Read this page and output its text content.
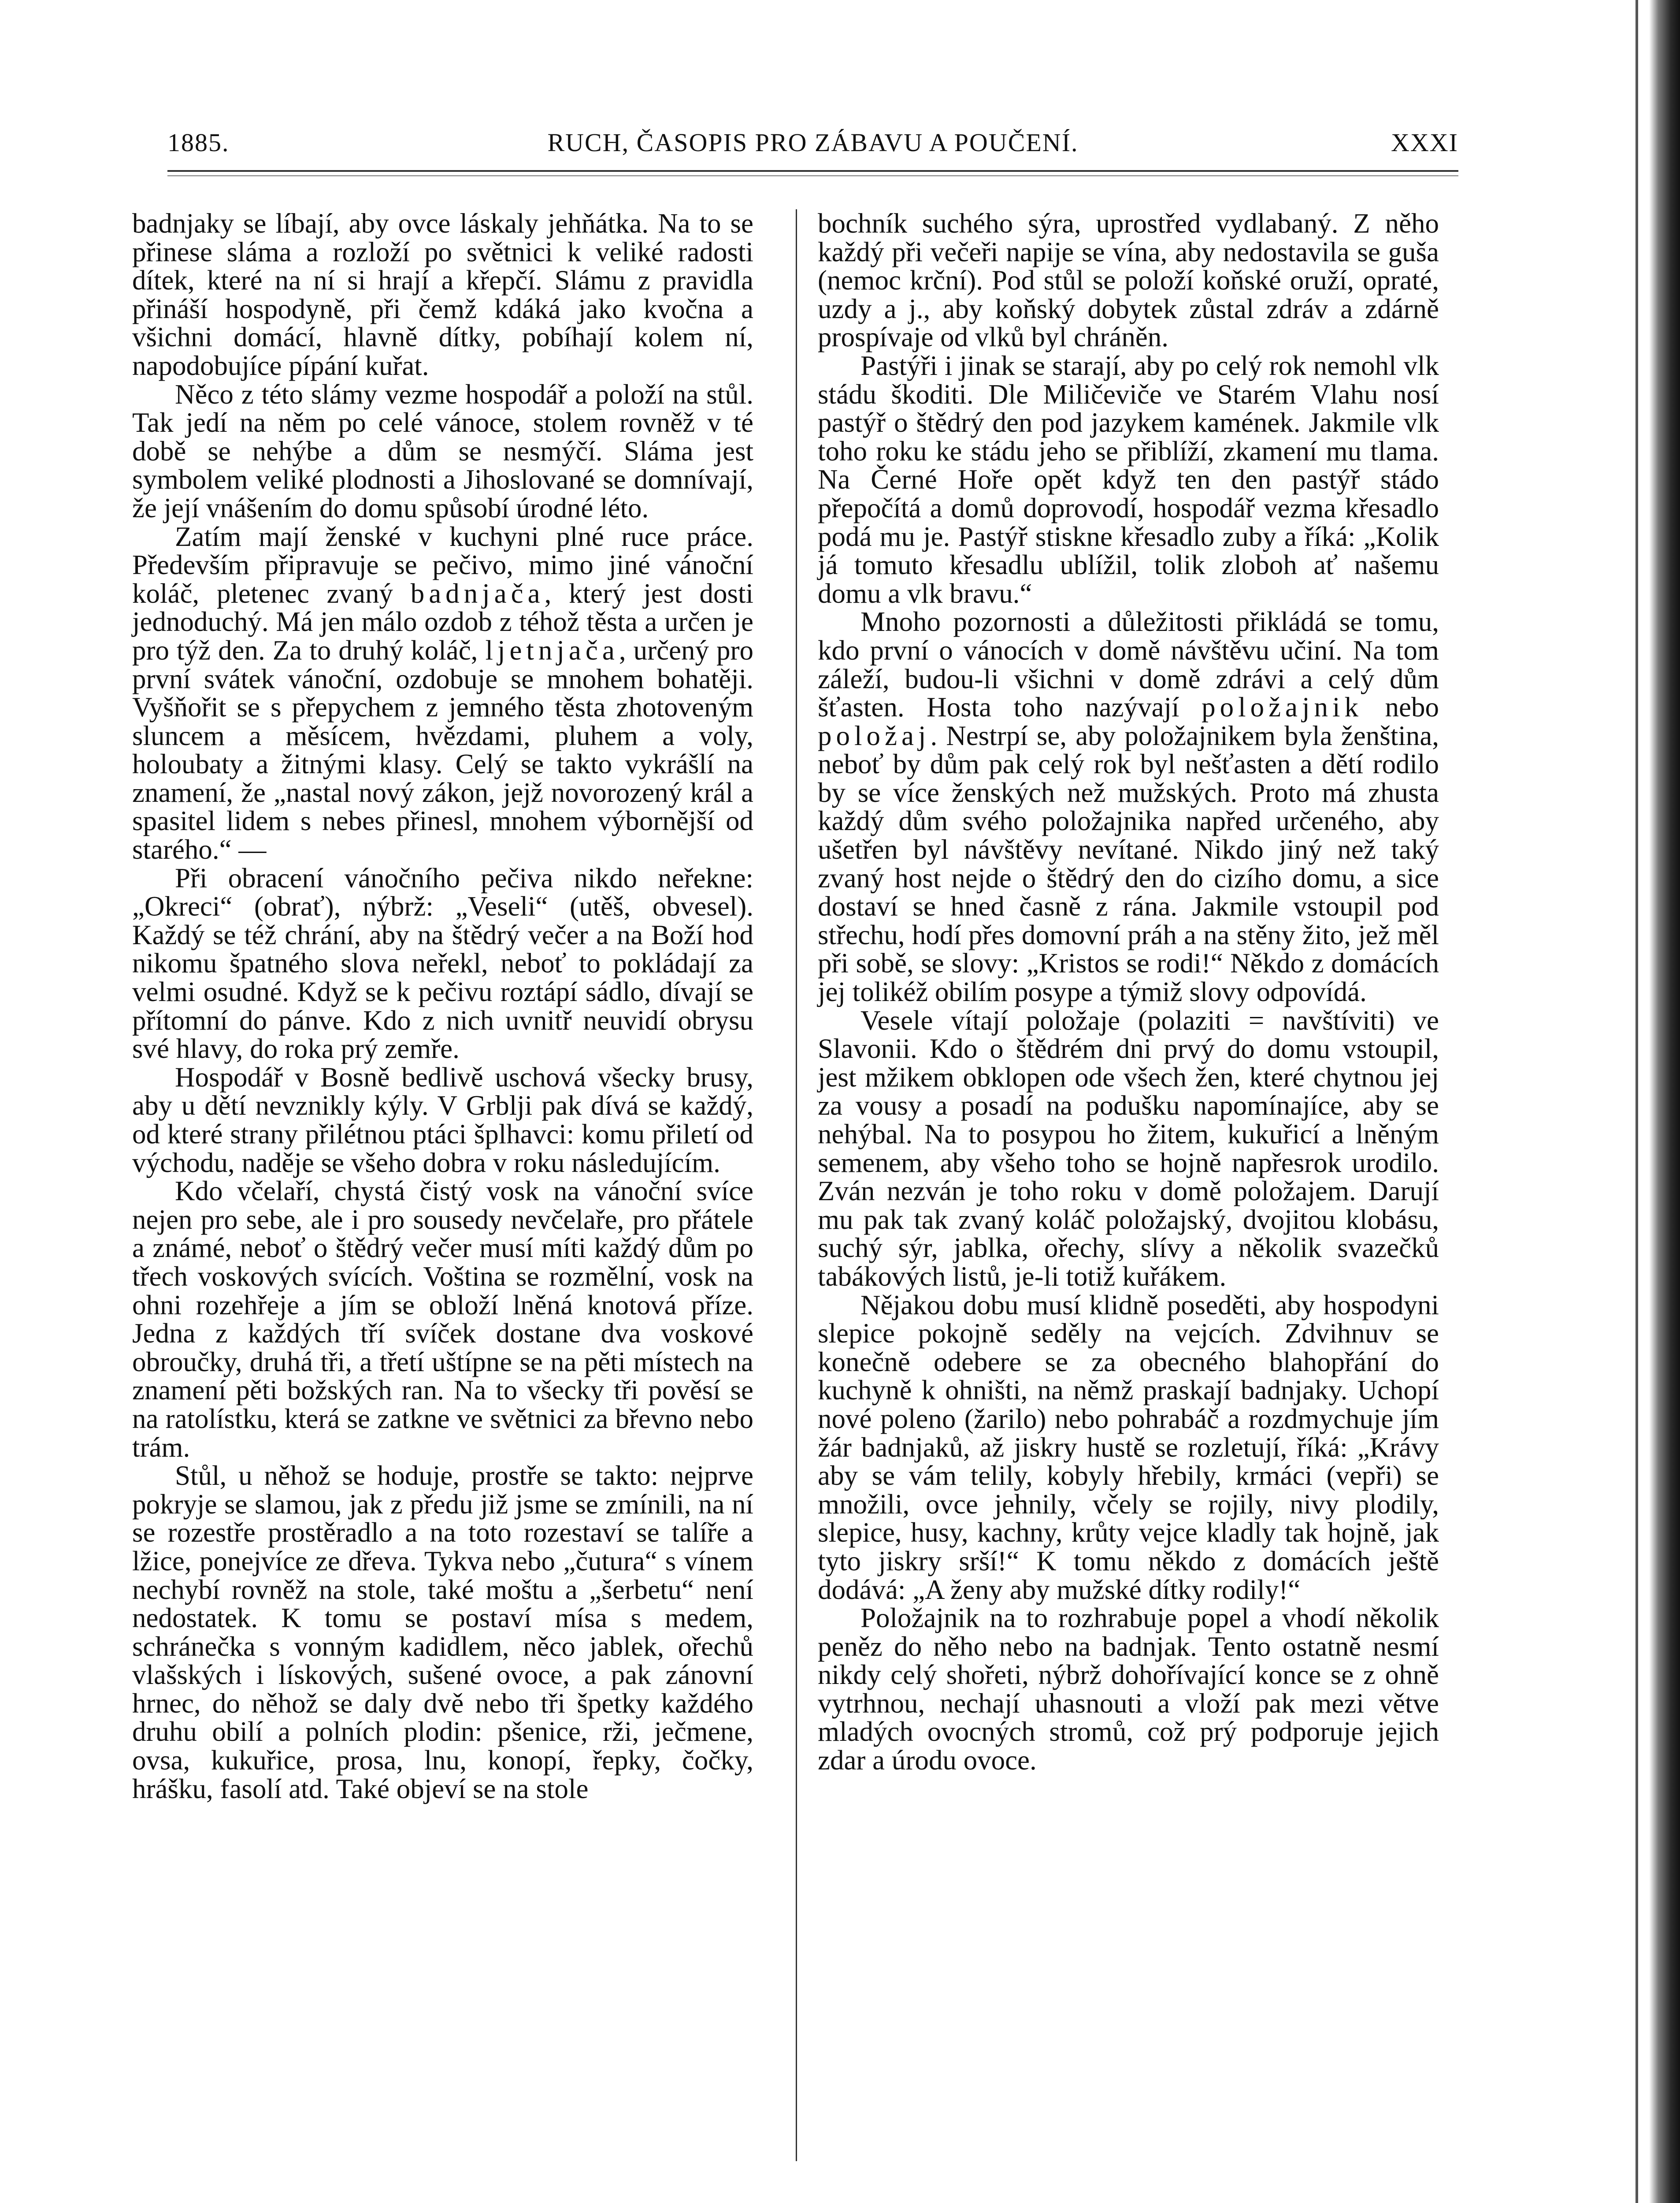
1885.	RUCH, ČASOPIS PRO ZÁBAVU A POUČENÍ.	XXXI

badnjaky se líbají, aby ovce láskaly jehňátka. Na to se přinese sláma a rozloží po světnici k veliké radosti dítek, které na ní si hrají a křepčí. Slámu z pravidla přináší hospodyně, při čemž kdáká jako kvočna a všichni domácí, hlavně dítky, pobíhají kolem ní, napodobujíce pípání kuřat.

Něco z této slámy vezme hospodář a položí na stůl. Tak jedí na něm po celé vánoce, stolem rovněž v té době se nehýbe a dům se nesmýčí. Sláma jest symbolem veliké plodnosti a Jihoslované se domnívají, že její vnášením do domu spůsobí úrodné léto.

Zatím mají ženské v kuchyni plné ruce práce. Především připravuje se pečivo, mimo jiné vánoční koláč, pletenec zvaný badnjača, který jest dosti jednoduchý. Má jen málo ozdob z téhož těsta a určen je pro týž den. Za to druhý koláč, ljetnjača, určený pro první svátek vánoční, ozdobuje se mnohem bohatěji. Vyšňořit se s přepychem z jemného těsta zhotoveným sluncem a měsícem, hvězdami, pluhem a voly, holoubaty a žitnými klasy. Celý se takto vykrášlí na znamení, že „nastal nový zákon, jejž novorozený král a spasitel lidem s nebes přinesl, mnohem výbornější od starého.“ —

Při obracení vánočního pečiva nikdo neřekne: „Okreci“ (obrať), nýbrž: „Veseli“ (utěš, obvesel). Každý se též chrání, aby na štědrý večer a na Boží hod nikomu špatného slova neřekl, neboť to pokládají za velmi osudné. Když se k pečivu roztápí sádlo, dívají se přítomní do pánve. Kdo z nich uvnitř neuvidí obrysu své hlavy, do roka prý zemře.

Hospodář v Bosně bedlivě uschová všecky brusy, aby u dětí nevznikly kýly. V Grblji pak dívá se každý, od které strany přilétnou ptáci šplhavci: komu přiletí od východu, naděje se všeho dobra v roku následujícím.

Kdo včelaří, chystá čistý vosk na vánoční svíce nejen pro sebe, ale i pro sousedy nevčelaře, pro přátele a známé, neboť o štědrý večer musí míti každý dům po třech voskových svících. Voština se rozmělní, vosk na ohni rozehřeje a jím se obloží lněná knotová příze. Jedna z každých tří svíček dostane dva voskové obroučky, druhá tři, a třetí uštípne se na pěti místech na znamení pěti božských ran. Na to všecky tři pověsí se na ratolístku, která se zatkne ve světnici za břevno nebo trám.

Stůl, u něhož se hoduje, prostře se takto: nejprve pokryje se slamou, jak z předu již jsme se zmínili, na ní se rozestře prostěradlo a na toto rozestaví se talíře a lžice, ponejvíce ze dřeva. Tykva nebo „čutura“ s vínem nechybí rovněž na stole, také moštu a „šerbetu“ není nedostatek. K tomu se postaví mísa s medem, schránečka s vonným kadidlem, něco jablek, ořechů vlašských i lískových, sušené ovoce, a pak zánovní hrnec, do něhož se daly dvě nebo tři špetky každého druhu obilí a polních plodin: pšenice, rži, ječmene, ovsa, kukuřice, prosa, lnu, konopí, řepky, čočky, hrášku, fasolí atd. Také objeví se na stole

bochník suchého sýra, uprostřed vydlabaný. Z něho každý při večeři napije se vína, aby nedostavila se guša (nemoc krční). Pod stůl se položí koňské oruží, opraté, uzdy a j., aby koňský dobytek zůstal zdráv a zdárně prospívaje od vlků byl chráněn.

Pastýři i jinak se starají, aby po celý rok nemohl vlk stádu škoditi. Dle Miličeviče ve Starém Vlahu nosí pastýř o štědrý den pod jazykem kamének. Jakmile vlk toho roku ke stádu jeho se přiblíží, zkamení mu tlama. Na Černé Hoře opět když ten den pastýř stádo přepočítá a domů doprovodí, hospodář vezma křesadlo podá mu je. Pastýř stiskne křesadlo zuby a říká: „Kolik já tomuto křesadlu ublížil, tolik zloboh ať našemu domu a vlk bravu.“

Mnoho pozornosti a důležitosti přikládá se tomu, kdo první o vánocích v domě návštěvu učiní. Na tom záleží, budou-li všichni v domě zdrávi a celý dům šťasten. Hosta toho nazývají položajnik nebo položaj. Nestrpí se, aby položajnikem byla ženština, neboť by dům pak celý rok byl nešťasten a dětí rodilo by se více ženských než mužských. Proto má zhusta každý dům svého položajnika napřed určeného, aby ušetřen byl návštěvy nevítané. Nikdo jiný než taký zvaný host nejde o štědrý den do cizího domu, a sice dostaví se hned časně z rána. Jakmile vstoupil pod střechu, hodí přes domovní práh a na stěny žito, jež měl při sobě, se slovy: „Kristos se rodi!“ Někdo z domácích jej tolikéž obilím posype a týmiž slovy odpovídá.

Vesele vítají položaje (polaziti = navštíviti) ve Slavonii. Kdo o štědrém dni prvý do domu vstoupil, jest mžikem obklopen ode všech žen, které chytnou jej za vousy a posadí na podušku napomínajíce, aby se nehýbal. Na to posypou ho žitem, kukuřicí a lněným semenem, aby všeho toho se hojně napřesrok urodilo. Zván nezván je toho roku v domě položajem. Darují mu pak tak zvaný koláč položajský, dvojitou klobásu, suchý sýr, jablka, ořechy, slívy a několik svazečků tabákových listů, je-li totiž kuřákem.

Nějakou dobu musí klidně poseděti, aby hospodyni slepice pokojně seděly na vejcích. Zdvihnuv se konečně odebere se za obecného blahopřání do kuchyně k ohništi, na němž praskají badnjaky. Uchopí nové poleno (žarilo) nebo pohrabáč a rozdmychuje jím žár badnjaků, až jiskry hustě se rozletují, říká: „Krávy aby se vám telily, kobyly hřebily, krmáci (vepři) se množili, ovce jehnily, včely se rojily, nivy plodily, slepice, husy, kachny, krůty vejce kladly tak hojně, jak tyto jiskry srší!“ K tomu někdo z domácích ještě dodává: „A ženy aby mužské dítky rodily!“

Položajnik na to rozhrabuje popel a vhodí několik peněz do něho nebo na badnjak. Tento ostatně nesmí nikdy celý shořeti, nýbrž dohořívající konce se z ohně vytrhnou, nechají uhasnouti a vloží pak mezi větve mladých ovocných stromů, což prý podporuje jejich zdar a úrodu ovoce.
